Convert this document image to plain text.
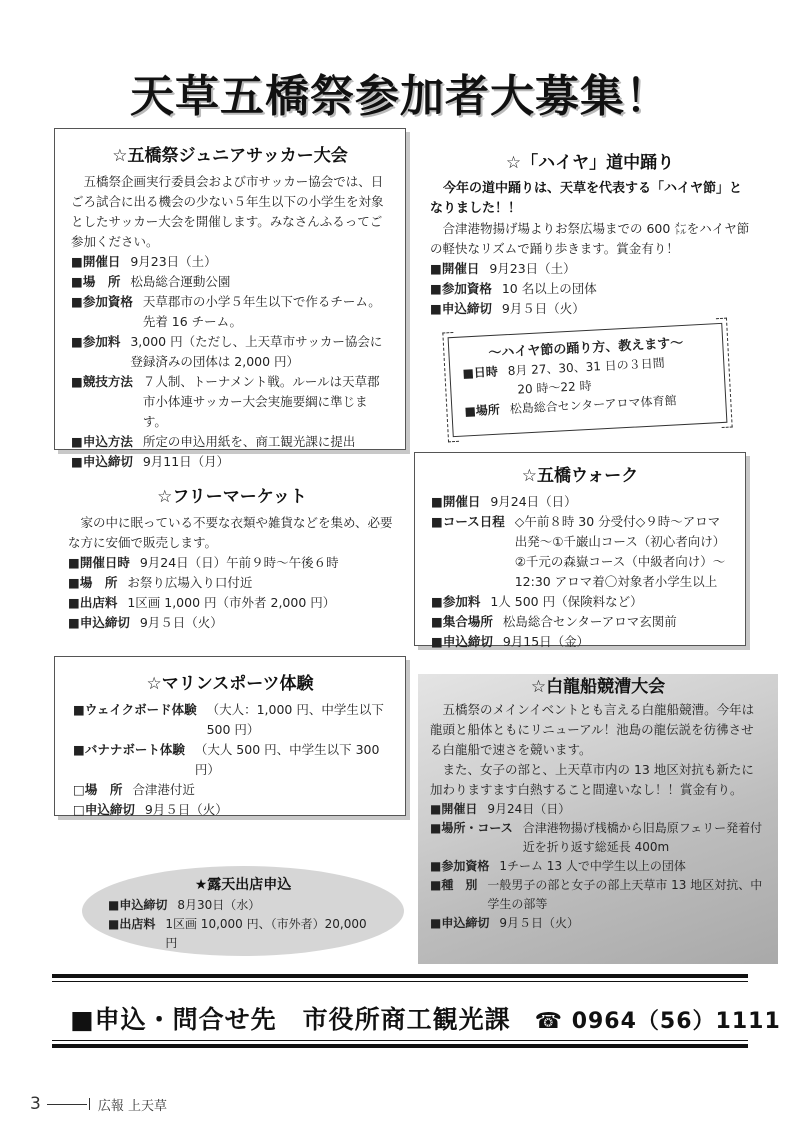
天草五橋祭参加者大募集！
☆五橋祭ジュニアサッカー大会

五橋祭企画実行委員会および市サッカー協会では、日ごろ試合に出る機会の少ない５年生以下の小学生を対象としたサッカー大会を開催します。みなさんふるってご参加ください。

■開催日 9月23日（土）
■場　所 松島総合運動公園
■参加資格 天草郡市の小学５年生以下で作るチーム。先着 16 チーム。
■参加料 3,000 円（ただし、上天草市サッカー協会に登録済みの団体は 2,000 円）
■競技方法 ７人制、トーナメント戦。ルールは天草郡市小体連サッカー大会実施要綱に準じます。
■申込方法 所定の申込用紙を、商工観光課に提出
■申込締切 9月11日（月）
☆「ハイヤ」道中踊り

今年の道中踊りは、天草を代表する「ハイヤ節」となりました！！

合津港物揚げ場よりお祭広場までの 600 ㍍をハイヤ節の軽快なリズムで踊り歩きます。賞金有り！

■開催日 9月23日（土）
■参加資格 10 名以上の団体
■申込締切 9月５日（火）
～ハイヤ節の踊り方、教えます～
■日時 8月 27、30、31 日の３日間
20 時～22 時
■場所 松島総合センターアロマ体育館
☆フリーマーケット

家の中に眠っている不要な衣類や雑貨などを集め、必要な方に安価で販売します。

■開催日時 9月24日（日）午前９時～午後６時
■場　所 お祭り広場入り口付近
■出店料 1区画 1,000 円（市外者 2,000 円）
■申込締切 9月５日（火）
☆五橋ウォーク
■開催日 9月24日（日）
■コース日程 ◇午前８時 30 分受付◇９時～アロマ出発～①千巌山コース（初心者向け）②千元の森嶽コース（中級者向け）～12:30 アロマ着〇対象者小学生以上
■参加料 1人 500 円（保険料など）
■集合場所 松島総合センターアロマ玄関前
■申込締切 9月15日（金）
☆マリンスポーツ体験
■ウェイクボード体験 （大人：1,000 円、中学生以下 500 円）
■バナナボート体験 （大人 500 円、中学生以下 300 円）
□場　所 合津港付近
□申込締切 9月５日（火）
★露天出店申込
■申込締切 8月30日（水）
■出店料 1区画 10,000 円、（市外者）20,000 円
☆白龍船競漕大会

五橋祭のメインイベントとも言える白龍船競漕。今年は龍頭と船体ともにリニューアル！池島の龍伝説を彷彿させる白龍船で速さを競います。

また、女子の部と、上天草市内の 13 地区対抗も新たに加わりますます白熱すること間違いなし！！賞金有り。

■開催日 9月24日（日）
■場所・コース 合津港物揚げ桟橋から旧島原フェリー発着付近を折り返す総延長 400m
■参加資格 1チーム 13 人で中学生以上の団体
■種　別 一般男子の部と女子の部上天草市 13 地区対抗、中学生の部等
■申込締切 9月５日（火）
■申込・問合せ先　市役所商工観光課 ☎ 0964（56）1111
3	広報 上天草
